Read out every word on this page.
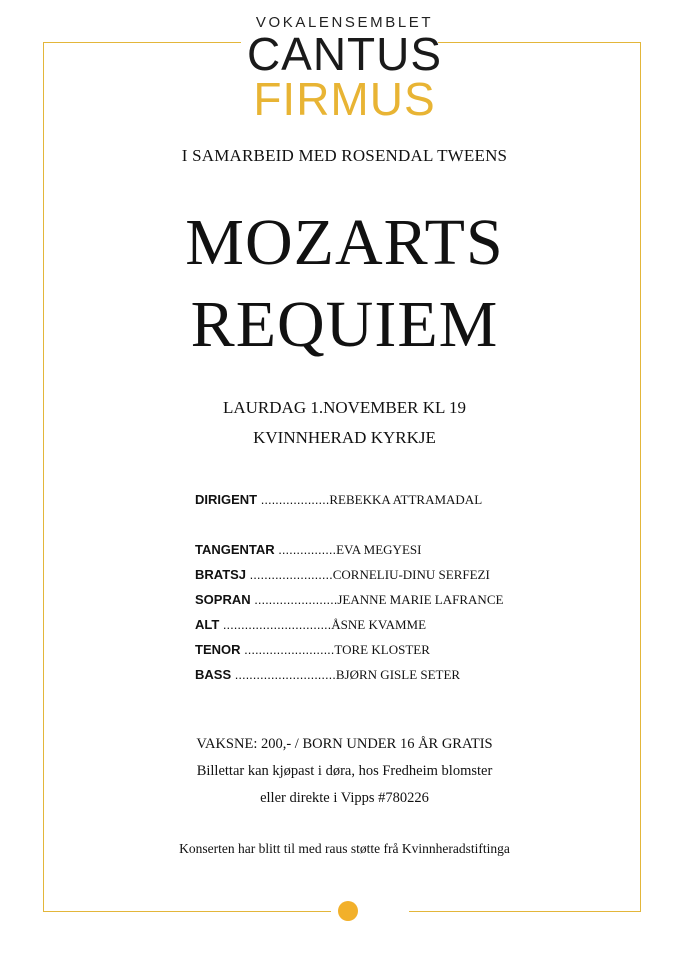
VOKALENSEMBLET
CANTUS
FIRMUS
I SAMARBEID MED ROSENDAL TWEENS
MOZARTS
REQUIEM
LAURDAG 1.NOVEMBER KL 19
KVINNHERAD KYRKJE
DIRIGENT ...................REBEKKA ATTRAMADAL
TANGENTAR ................EVA MEGYESI
BRATSJ .......................CORNELIU-DINU SERFEZI
SOPRAN .......................JEANNE MARIE LAFRANCE
ALT ..............................ÅSNE KVAMME
TENOR .........................TORE KLOSTER
BASS ............................BJØRN GISLE SETER
VAKSNE: 200,- / BORN UNDER 16 ÅR GRATIS
Billettar kan kjøpast i døra, hos Fredheim blomster
eller direkte i Vipps #780226
Konserten har blitt til med raus støtte frå Kvinnheradstiftinga
